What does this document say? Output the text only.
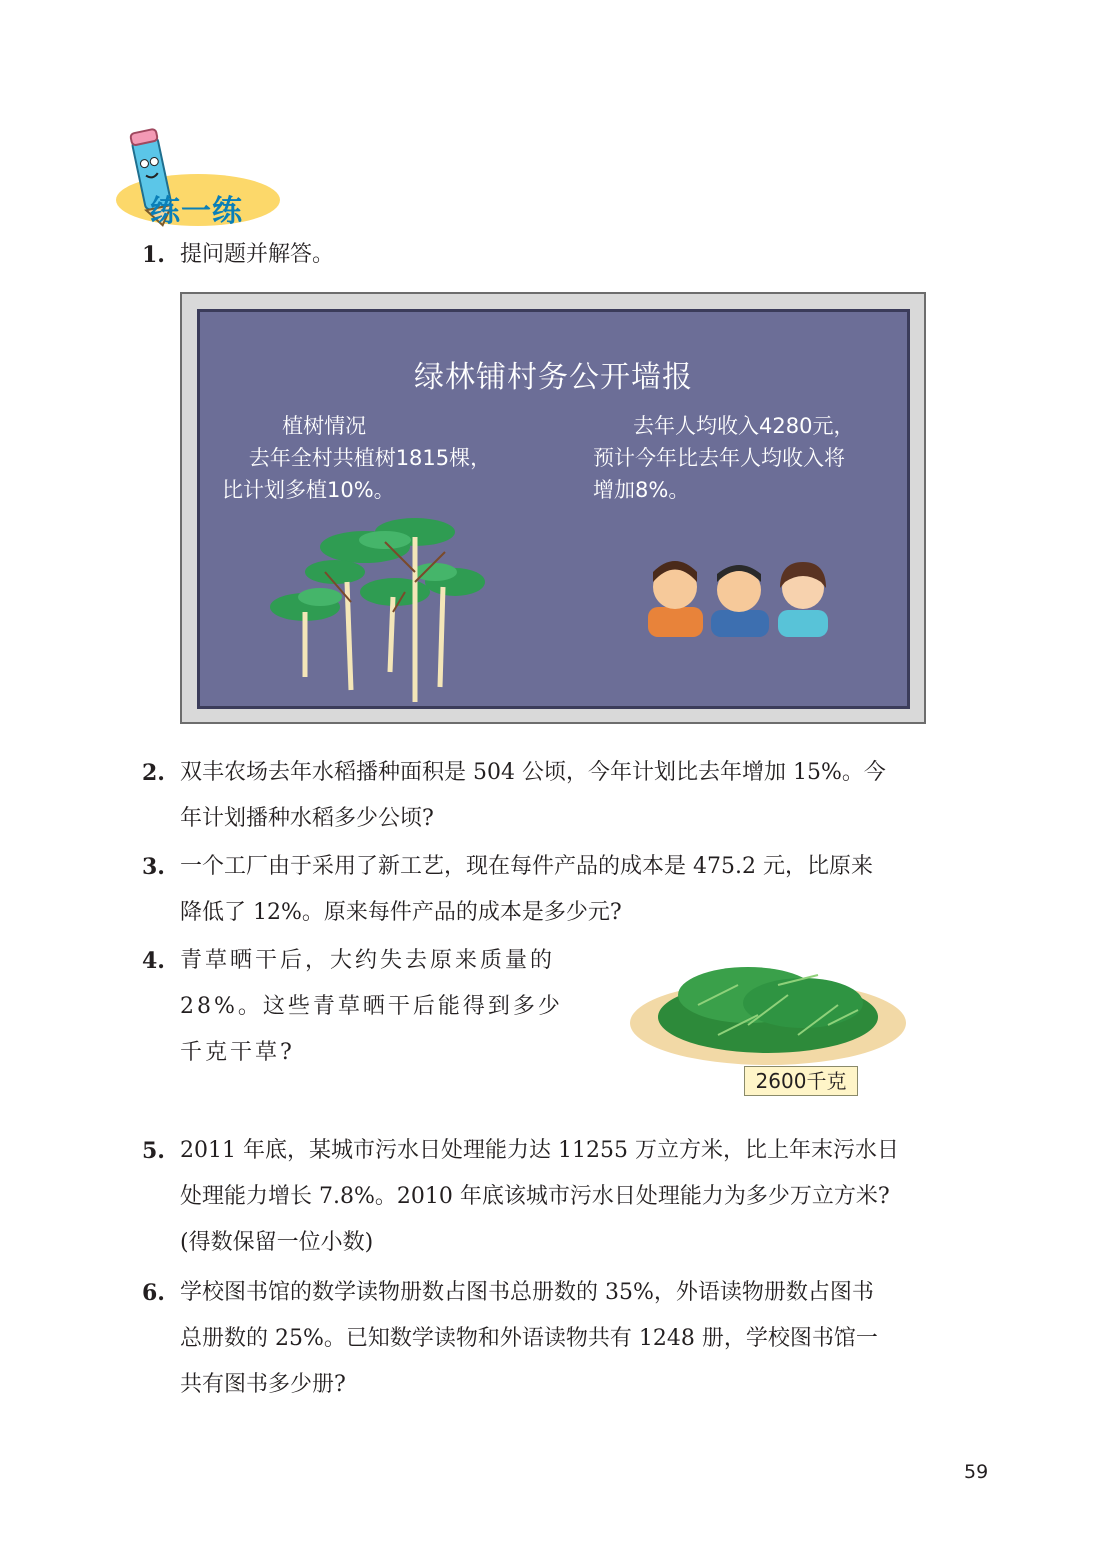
练一练
1. 提问题并解答。
绿林铺村务公开墙报
植树情况
去年全村共植树1815棵，
比计划多植10%。
去年人均收入4280元，
预计今年比去年人均收入将
增加8%。
2. 双丰农场去年水稻播种面积是 504 公顷，今年计划比去年增加 15%。今
年计划播种水稻多少公顷?
3. 一个工厂由于采用了新工艺，现在每件产品的成本是 475.2 元，比原来
降低了 12%。原来每件产品的成本是多少元?
4. 青草晒干后，大约失去原来质量的
28%。这些青草晒干后能得到多少
千克干草?
2600千克
5. 2011 年底，某城市污水日处理能力达 11255 万立方米，比上年末污水日
处理能力增长 7.8%。2010 年底该城市污水日处理能力为多少万立方米?
(得数保留一位小数)
6. 学校图书馆的数学读物册数占图书总册数的 35%，外语读物册数占图书
总册数的 25%。已知数学读物和外语读物共有 1248 册，学校图书馆一
共有图书多少册?
59
